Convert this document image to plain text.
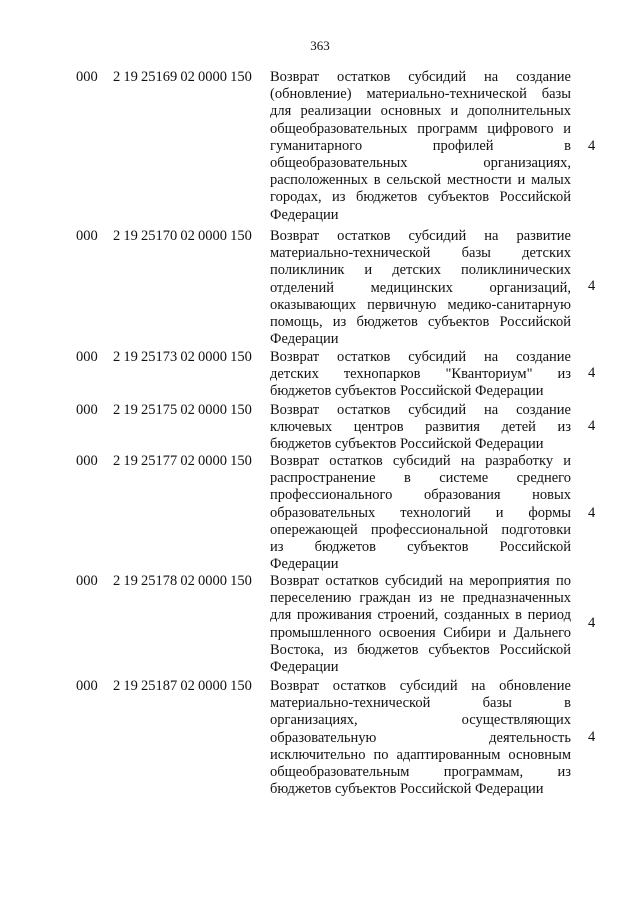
363
000 2 19 25169 02 0000 150 Возврат остатков субсидий на создание
(обновление) материально-технической базы
для реализации основных и дополнительных
общеобразовательных программ цифрового и
гуманитарного профилей в
общеобразовательных организациях,
расположенных в сельской местности и малых
городах, из бюджетов субъектов Российской
Федерации
4
000 2 19 25170 02 0000 150 Возврат остатков субсидий на развитие
материально-технической базы детских
поликлиник и детских поликлинических
отделений медицинских организаций,
оказывающих первичную медико-санитарную
помощь, из бюджетов субъектов Российской
Федерации
4
000 2 19 25173 02 0000 150 Возврат остатков субсидий на создание
детских технопарков "Кванториум" из
бюджетов субъектов Российской Федерации
4
000 2 19 25175 02 0000 150 Возврат остатков субсидий на создание
ключевых центров развития детей из
бюджетов субъектов Российской Федерации
4
000 2 19 25177 02 0000 150 Возврат остатков субсидий на разработку и
распространение в системе среднего
профессионального образования новых
образовательных технологий и формы
опережающей профессиональной подготовки
из бюджетов субъектов Российской
Федерации
4
000 2 19 25178 02 0000 150 Возврат остатков субсидий на мероприятия по
переселению граждан из не предназначенных
для проживания строений, созданных в период
промышленного освоения Сибири и Дальнего
Востока, из бюджетов субъектов Российской
Федерации
4
000 2 19 25187 02 0000 150 Возврат остатков субсидий на обновление
материально-технической базы в
организациях, осуществляющих
образовательную деятельность
исключительно по адаптированным основным
общеобразовательным программам, из
бюджетов субъектов Российской Федерации
4
